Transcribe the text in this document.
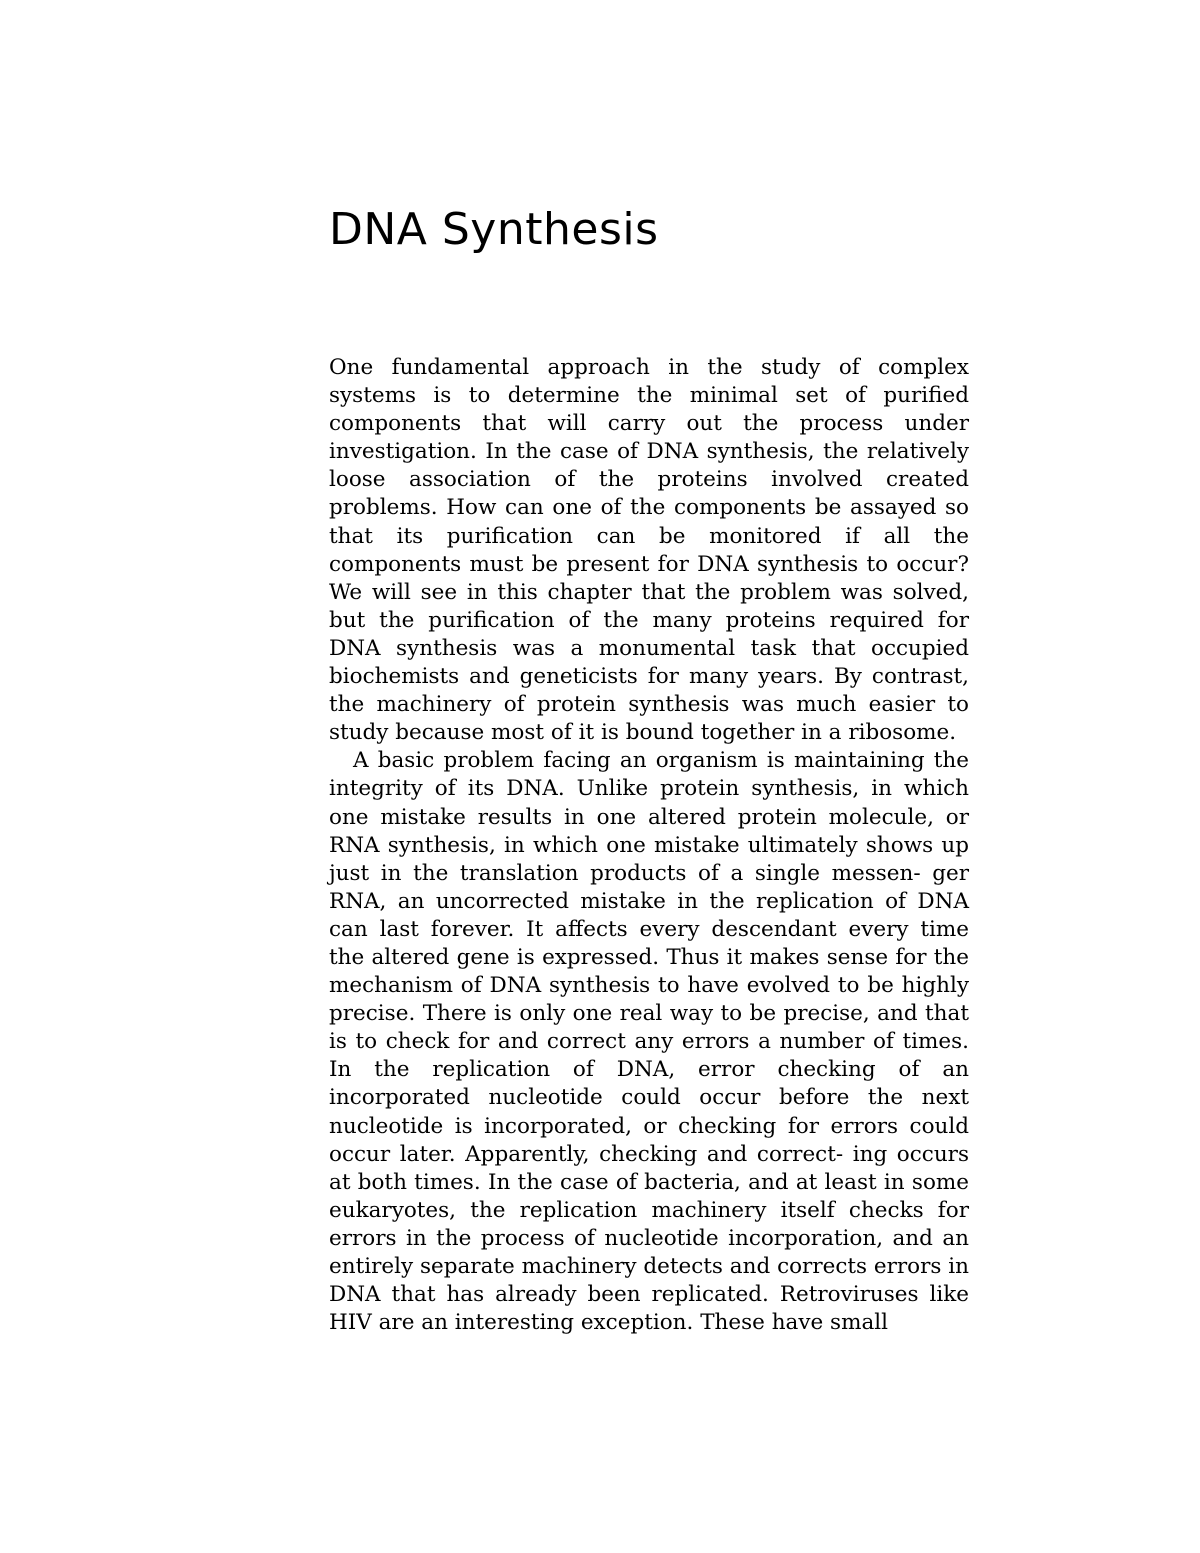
DNA Synthesis

One fundamental approach in the study of complex systems is to determine the minimal set of purified components that will carry out the process under investigation. In the case of DNA synthesis, the relatively loose association of the proteins involved created problems. How can one of the components be assayed so that its purification can be monitored if all the components must be present for DNA synthesis to occur? We will see in this chapter that the problem was solved, but the purification of the many proteins required for DNA synthesis was a monumental task that occupied biochemists and geneticists for many years. By contrast, the machinery of protein synthesis was much easier to study because most of it is bound together in a ribosome.

A basic problem facing an organism is maintaining the integrity of its DNA. Unlike protein synthesis, in which one mistake results in one altered protein molecule, or RNA synthesis, in which one mistake ultimately shows up just in the translation products of a single messen- ger RNA, an uncorrected mistake in the replication of DNA can last forever. It affects every descendant every time the altered gene is expressed. Thus it makes sense for the mechanism of DNA synthesis to have evolved to be highly precise. There is only one real way to be precise, and that is to check for and correct any errors a number of times. In the replication of DNA, error checking of an incorporated nucleotide could occur before the next nucleotide is incorporated, or checking for errors could occur later. Apparently, checking and correct- ing occurs at both times. In the case of bacteria, and at least in some eukaryotes, the replication machinery itself checks for errors in the process of nucleotide incorporation, and an entirely separate machinery detects and corrects errors in DNA that has already been replicated. Retroviruses like HIV are an interesting exception. These have small
